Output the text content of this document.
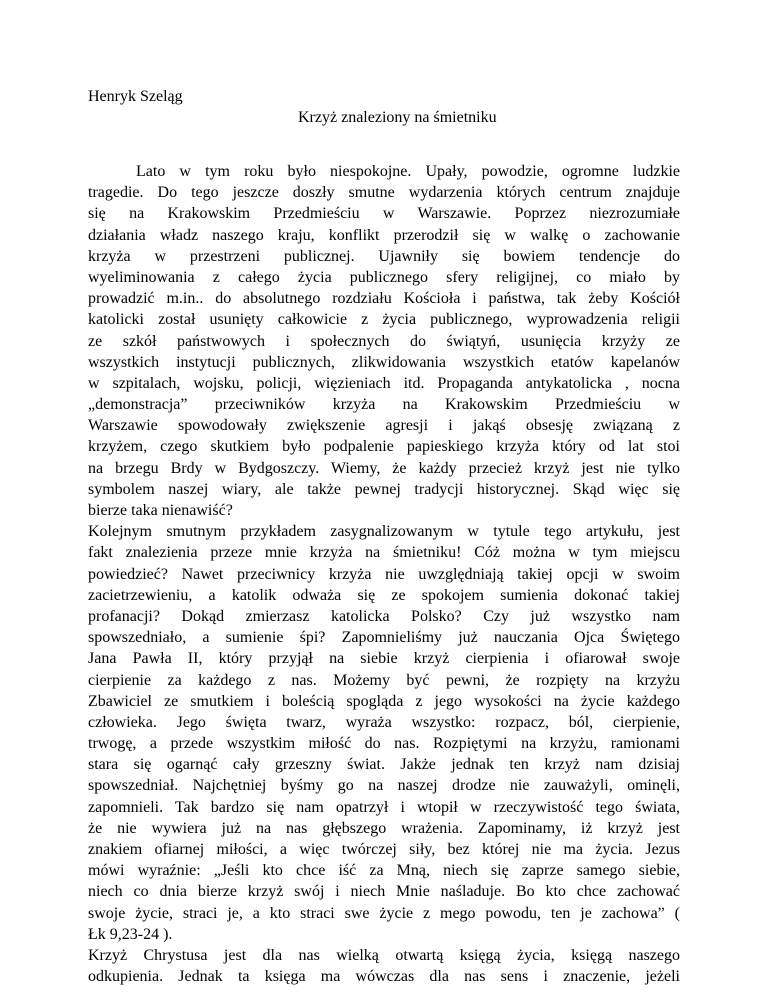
Henryk Szeląg

Krzyż znaleziony na śmietniku
Lato w tym roku było niespokojne. Upały, powodzie, ogromne ludzkie
tragedie. Do tego jeszcze doszły smutne wydarzenia których centrum znajduje
się na Krakowskim Przedmieściu w Warszawie. Poprzez niezrozumiałe
działania władz naszego kraju, konflikt przerodził się w walkę o zachowanie
krzyża w przestrzeni publicznej. Ujawniły się bowiem tendencje do
wyeliminowania z całego życia publicznego sfery religijnej, co miało by
prowadzić m.in.. do absolutnego rozdziału Kościoła i państwa, tak żeby Kościół
katolicki został usunięty całkowicie z życia publicznego, wyprowadzenia religii
ze szkół państwowych i społecznych do świątyń, usunięcia krzyży ze
wszystkich instytucji publicznych, zlikwidowania wszystkich etatów kapelanów
w szpitalach, wojsku, policji, więzieniach itd. Propaganda antykatolicka , nocna
„demonstracja” przeciwników krzyża na Krakowskim Przedmieściu w
Warszawie spowodowały zwiększenie agresji i jakąś obsesję związaną z
krzyżem, czego skutkiem było podpalenie papieskiego krzyża który od lat stoi
na brzegu Brdy w Bydgoszczy. Wiemy, że każdy przecież krzyż jest nie tylko
symbolem naszej wiary, ale także pewnej tradycji historycznej. Skąd więc się
bierze taka nienawiść?
Kolejnym smutnym przykładem zasygnalizowanym w tytule tego artykułu, jest
fakt znalezienia przeze mnie krzyża na śmietniku! Cóż można w tym miejscu
powiedzieć? Nawet przeciwnicy krzyża nie uwzględniają takiej opcji w swoim
zacietrzewieniu, a katolik odważa się ze spokojem sumienia dokonać takiej
profanacji? Dokąd zmierzasz katolicka Polsko? Czy już wszystko nam
spowszedniało, a sumienie śpi? Zapomnieliśmy już nauczania Ojca Świętego
Jana Pawła II, który przyjął na siebie krzyż cierpienia i ofiarował swoje
cierpienie za każdego z nas. Możemy być pewni, że rozpięty na krzyżu
Zbawiciel ze smutkiem i boleścią spogląda z jego wysokości na życie każdego
człowieka. Jego święta twarz, wyraża wszystko: rozpacz, ból, cierpienie,
trwogę, a przede wszystkim miłość do nas. Rozpiętymi na krzyżu, ramionami
stara się ogarnąć cały grzeszny świat. Jakże jednak ten krzyż nam dzisiaj
spowszedniał. Najchętniej byśmy go na naszej drodze nie zauważyli, ominęli,
zapomnieli. Tak bardzo się nam opatrzył i wtopił w rzeczywistość tego świata,
że nie wywiera już na nas głębszego wrażenia. Zapominamy, iż krzyż jest
znakiem ofiarnej miłości, a więc twórczej siły, bez której nie ma życia. Jezus
mówi wyraźnie: „Jeśli kto chce iść za Mną, niech się zaprze samego siebie,
niech co dnia bierze krzyż swój i niech Mnie naśladuje. Bo kto chce zachować
swoje życie, straci je, a kto straci swe życie z mego powodu, ten je zachowa” (
Łk 9,23-24 ).
Krzyż Chrystusa jest dla nas wielką otwartą księgą życia, księgą naszego
odkupienia. Jednak ta księga ma wówczas dla nas sens i znaczenie, jeżeli
